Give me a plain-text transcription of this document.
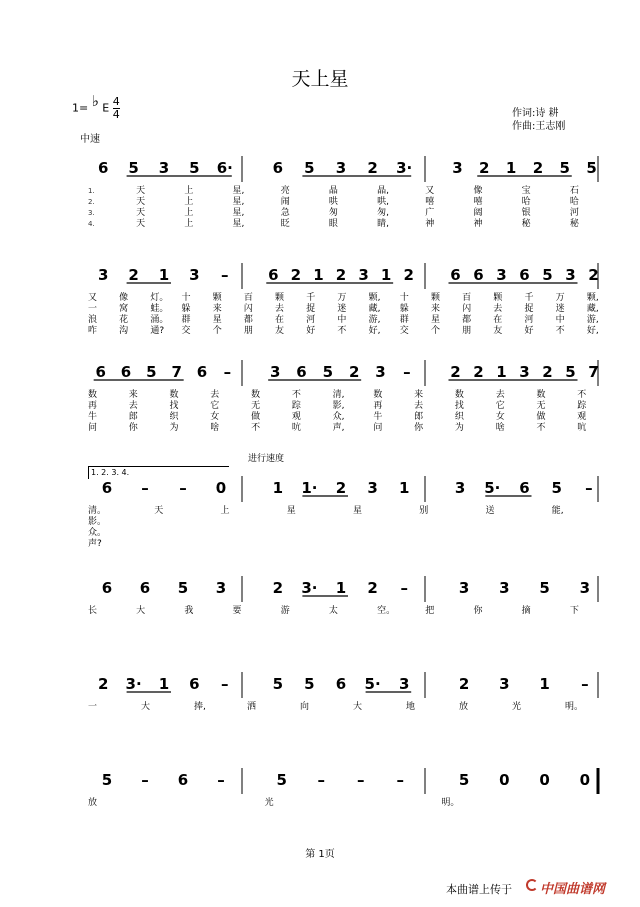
天上星
1= ♭ E $\frac{4}{4}$	作词:诗 耕
作曲:王志刚
中速
1. 2. 3. 4.
进行速度
6 5 3 5 6·	6 5 3 2 3·	3 2 1 2 5 5
1.	天	上	星,	亮	晶	晶,	又	像	宝	石
2.	天	上	星,	闹	哄	哄,	嘻	嘻	哈	哈
3.	天	上	星,	急	匆	匆,	广	阔	银	河
4.	天	上	星,	眨	眼	睛,	神	神	秘	秘
3 2 1 3 –	6 2 1 2 3 1 2 6 6 3 6 5 3 2
又 像 灯。 十 颗 百 颗 千 万 颗, 十 颗 百 颗 千 万 颗,
一 窝 蛙。 躲 来 闪 去 捉 迷 藏, 躲 来 闪 去 捉 迷 藏,
浪 花 涌。 群 星 都 在 河 中 游, 群 星 都 在 河 中 游,
咋 沟 通? 交 个 朋 友 好 不 好, 交 个 朋 友 好 不 好,
6 6 5 7 6 –	3 6 5 2 3 –	2 2 1 3 2 5 7
数	来	数	去	数	不	清,	数	来	数	去	数	不
再	去	找	它	无	踪	影,	再	去	找	它	无	踪
牛	郎	织	女	做	观	众,	牛	郎	织	女	做	观
问	你	为	啥	不	吭	声,	问	你	为	啥	不	吭
6 – – 0	1 1· 2 3 1	3 5· 6 5 –
清。	天	上	星	星	别	送	能,
影。
众。
声?
6 6 5 3	2 3· 1 2 –	3 3 5 3
长	大	我	要	游	太	空。	把	你	摘	下
2 3· 1 6 –	5 5 6 5· 3	2 3 1 –
一	大	捧,	洒	向	大	地	放	光	明。
5 – 6 –	5 – – –	5 0 0 0
放	光	明。
第 1页
本曲谱上传于 中国曲谱网
